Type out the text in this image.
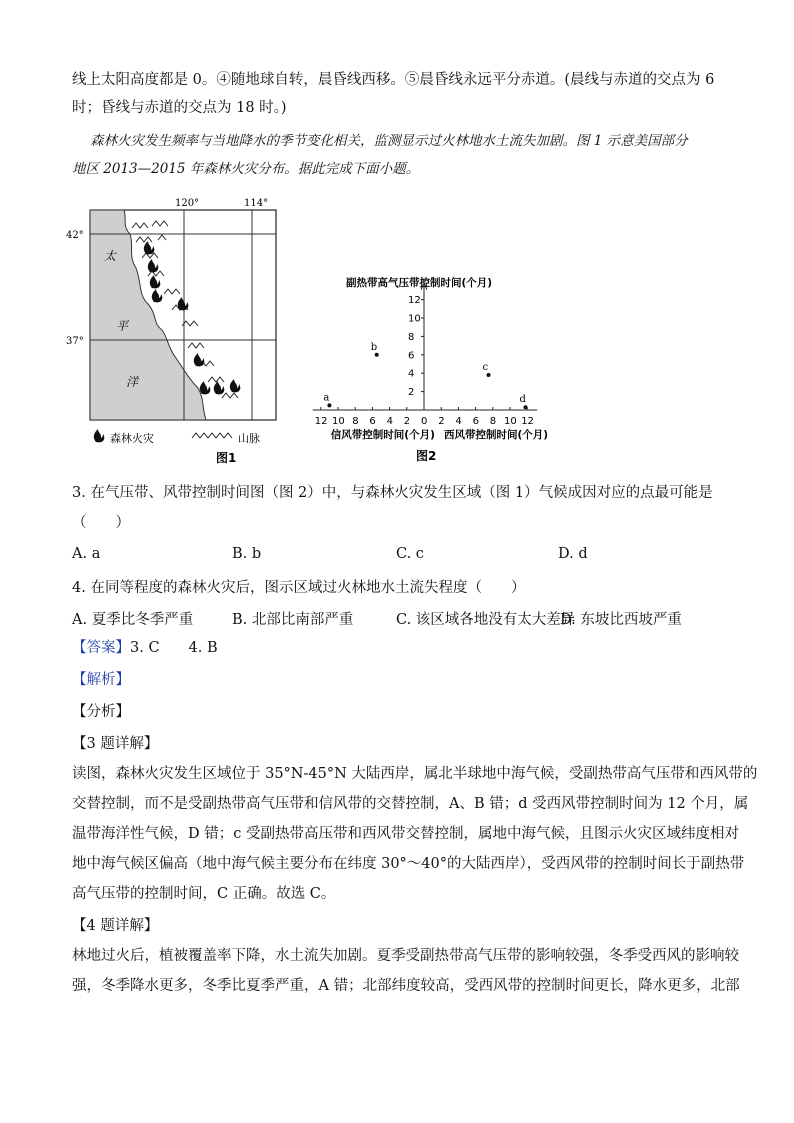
线上太阳高度都是 0。④随地球自转，晨昏线西移。⑤晨昏线永远平分赤道。(晨线与赤道的交点为 6
时；昏线与赤道的交点为 18 时。)
森林火灾发生频率与当地降水的季节变化相关，监测显示过火林地水土流失加剧。图 1 示意美国部分
地区 2013—2015 年森林火灾分布。据此完成下面小题。
120°	114°
42°
37°
太
平
洋
森林火灾	山脉
图1
副热带高气压带控制时间(个月)
2
4
6
8
10
12
12 10 8 6 4 2 0 2 4 6 8 10 12
信风带控制时间(个月) 西风带控制时间(个月)
a
b
c
d
图2
3. 在气压带、风带控制时间图（图 2）中，与森林火灾发生区域（图 1）气候成因对应的点最可能是
（　　）
A. a	B. b	C. c	D. d
4. 在同等程度的森林火灾后，图示区域过火林地水土流失程度（　　）
A. 夏季比冬季严重	B. 北部比南部严重	C. 该区域各地没有太大差异
D. 东坡比西坡严重
【答案】3. C　　4. B
【解析】
【分析】
【3 题详解】
读图，森林火灾发生区域位于 35°N-45°N 大陆西岸，属北半球地中海气候，受副热带高气压带和西风带的
交替控制，而不是受副热带高气压带和信风带的交替控制，A、B 错；d 受西风带控制时间为 12 个月，属
温带海洋性气候，D 错；c 受副热带高压带和西风带交替控制，属地中海气候，且图示火灾区域纬度相对
地中海气候区偏高（地中海气候主要分布在纬度 30°～40°的大陆西岸），受西风带的控制时间长于副热带
高气压带的控制时间，C 正确。故选 C。
【4 题详解】
林地过火后，植被覆盖率下降，水土流失加剧。夏季受副热带高气压带的影响较强，冬季受西风的影响较
强，冬季降水更多，冬季比夏季严重，A 错；北部纬度较高，受西风带的控制时间更长，降水更多，北部
